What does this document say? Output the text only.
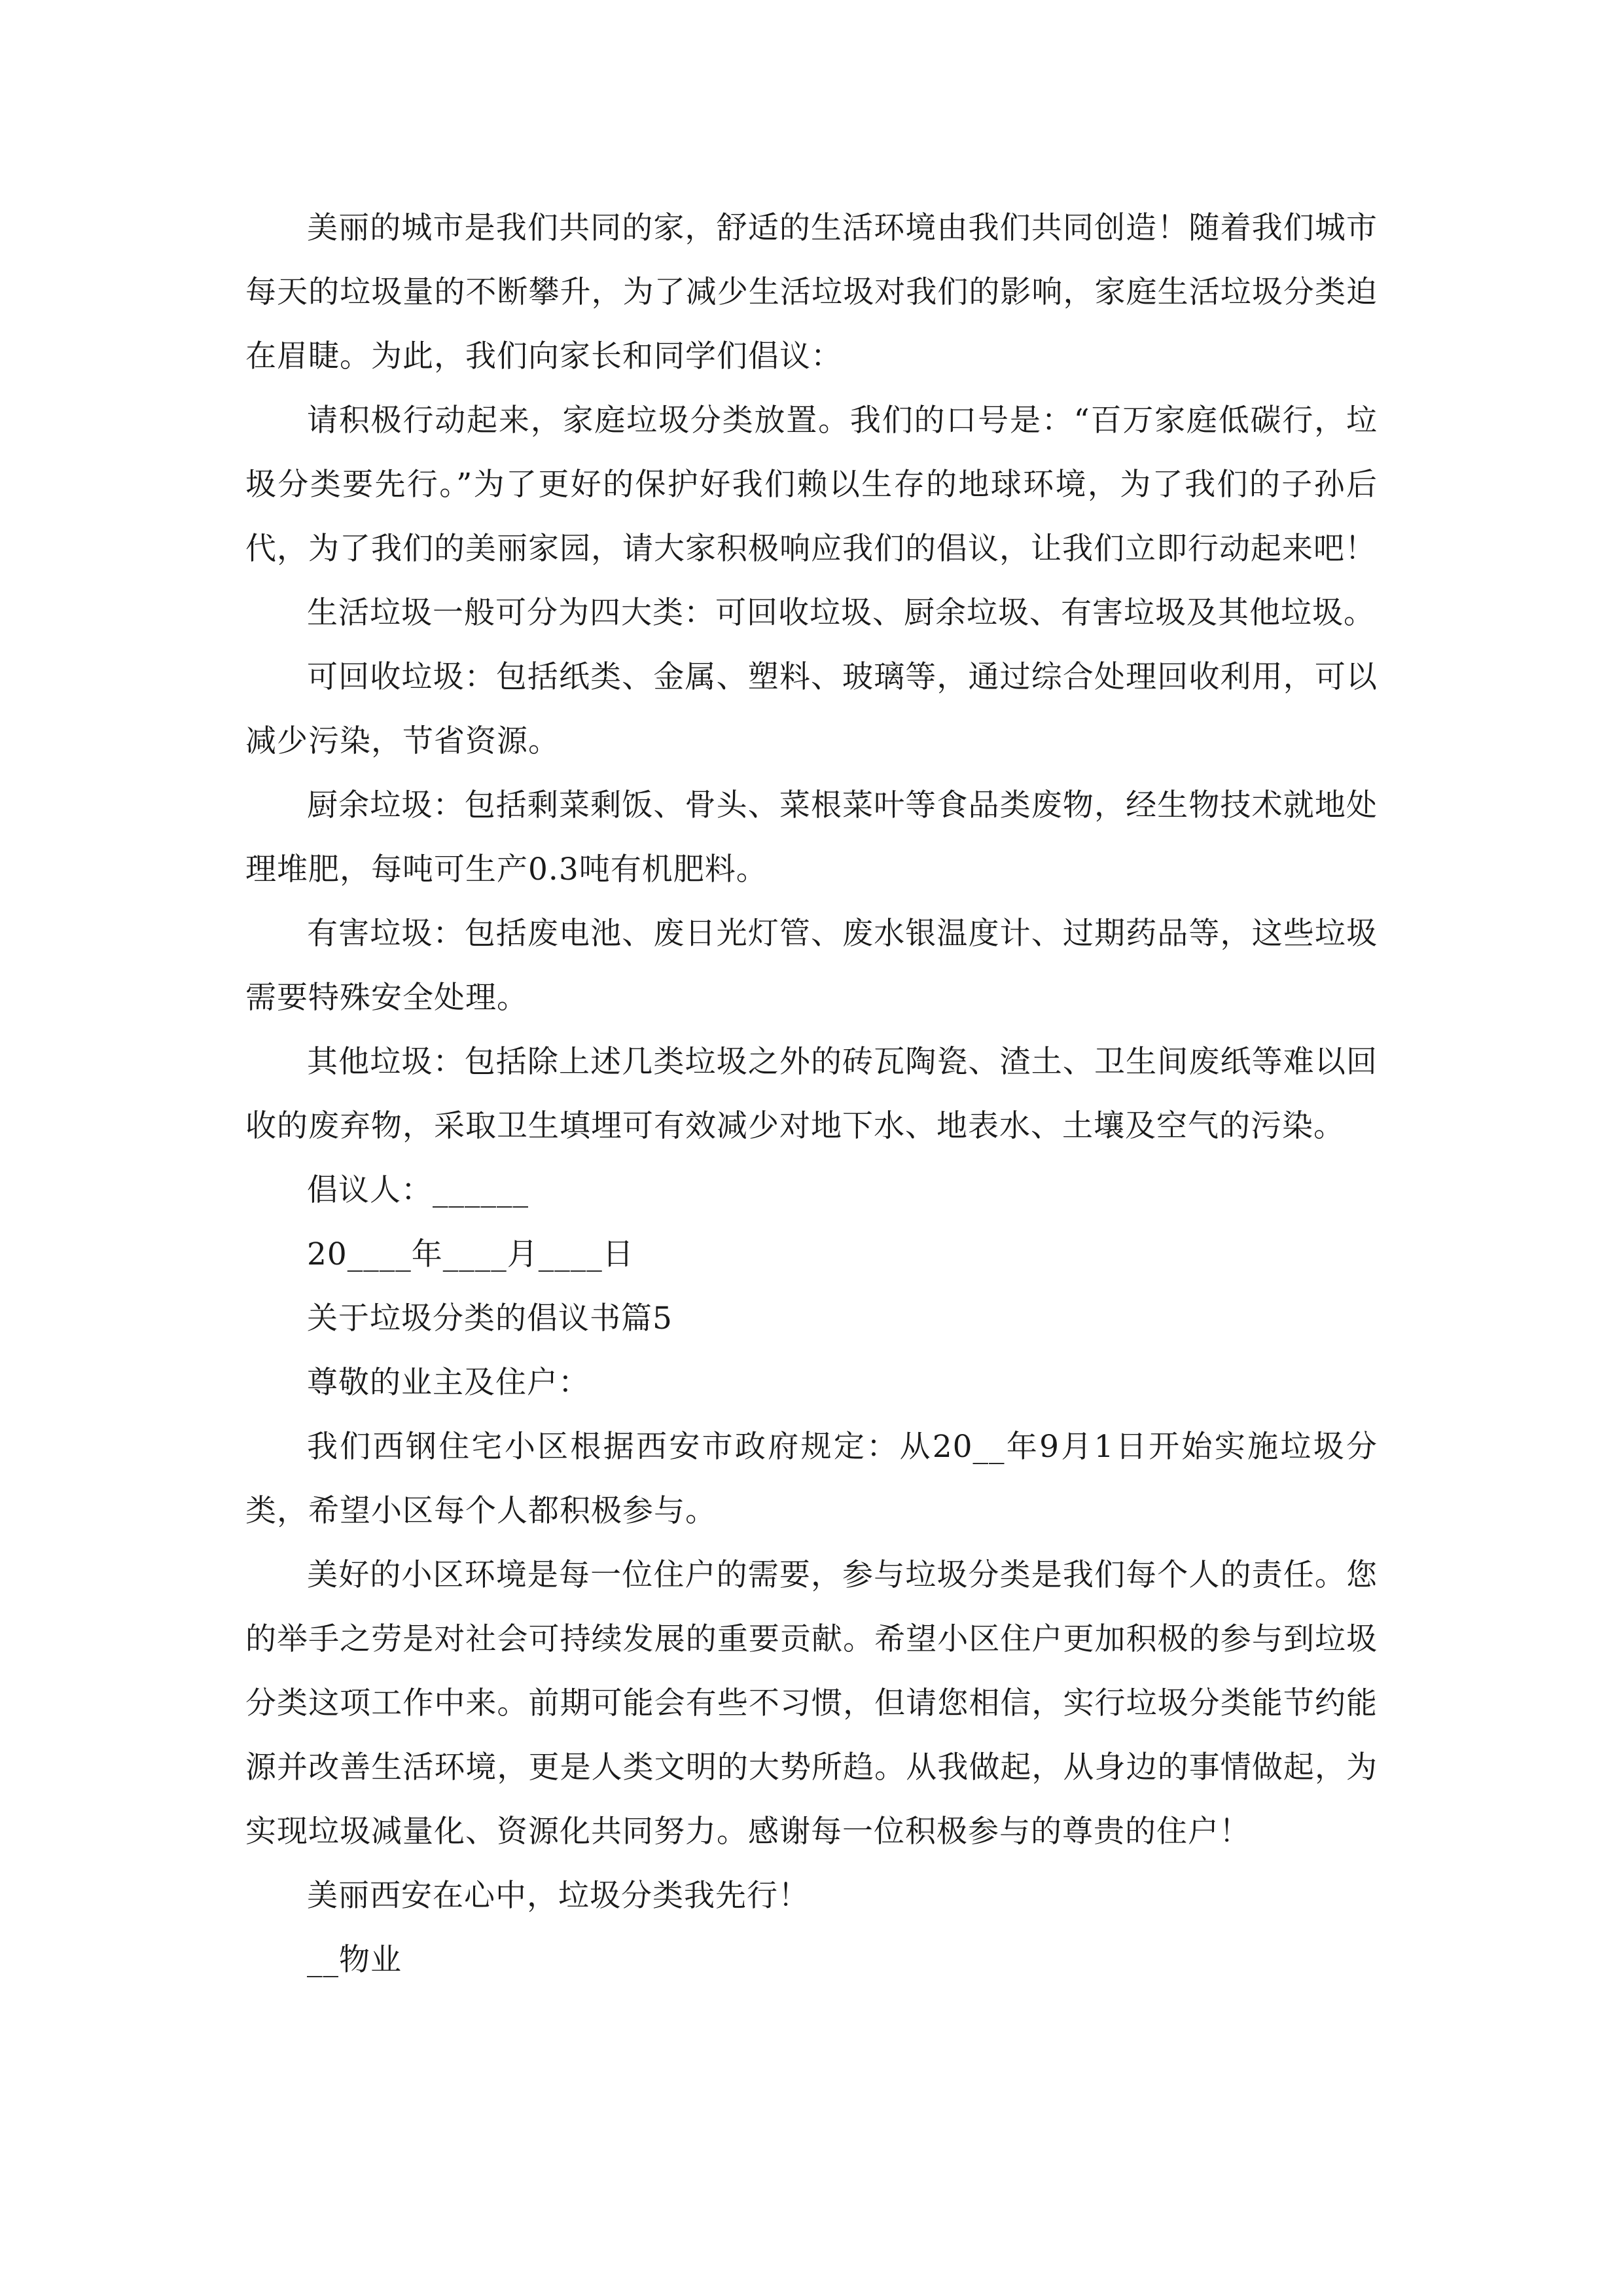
美丽的城市是我们共同的家，舒适的生活环境由我们共同创造！随着我们城市每天的垃圾量的不断攀升，为了减少生活垃圾对我们的影响，家庭生活垃圾分类迫在眉睫。为此，我们向家长和同学们倡议：

请积极行动起来，家庭垃圾分类放置。我们的口号是：“百万家庭低碳行，垃圾分类要先行。”为了更好的保护好我们赖以生存的地球环境，为了我们的子孙后代，为了我们的美丽家园，请大家积极响应我们的倡议，让我们立即行动起来吧！

生活垃圾一般可分为四大类：可回收垃圾、厨余垃圾、有害垃圾及其他垃圾。

可回收垃圾：包括纸类、金属、塑料、玻璃等，通过综合处理回收利用，可以减少污染，节省资源。

厨余垃圾：包括剩菜剩饭、骨头、菜根菜叶等食品类废物，经生物技术就地处理堆肥，每吨可生产0.3吨有机肥料。

有害垃圾：包括废电池、废日光灯管、废水银温度计、过期药品等，这些垃圾需要特殊安全处理。

其他垃圾：包括除上述几类垃圾之外的砖瓦陶瓷、渣土、卫生间废纸等难以回收的废弃物，采取卫生填埋可有效减少对地下水、地表水、土壤及空气的污染。

倡议人：______

20____年____月____日

关于垃圾分类的倡议书篇5

尊敬的业主及住户：

我们西钢住宅小区根据西安市政府规定：从20__年9月1日开始实施垃圾分类，希望小区每个人都积极参与。

美好的小区环境是每一位住户的需要，参与垃圾分类是我们每个人的责任。您的举手之劳是对社会可持续发展的重要贡献。希望小区住户更加积极的参与到垃圾分类这项工作中来。前期可能会有些不习惯，但请您相信，实行垃圾分类能节约能源并改善生活环境，更是人类文明的大势所趋。从我做起，从身边的事情做起，为实现垃圾减量化、资源化共同努力。感谢每一位积极参与的尊贵的住户！

美丽西安在心中，垃圾分类我先行！

__物业
